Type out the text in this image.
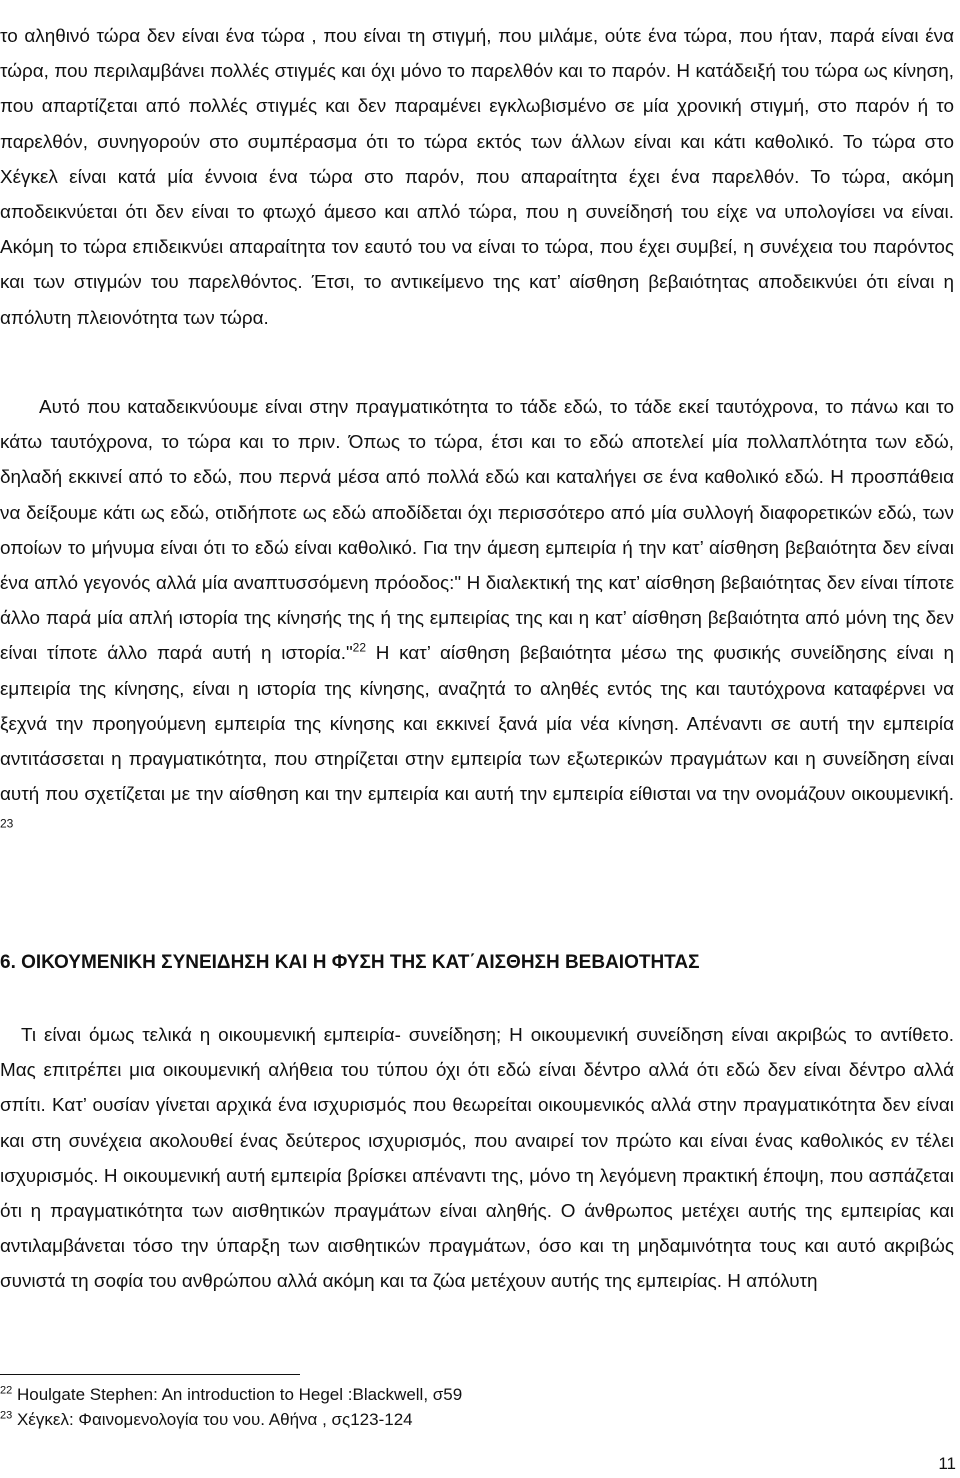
το αληθινό τώρα δεν είναι ένα τώρα , που είναι τη στιγμή, που μιλάμε, ούτε ένα τώρα, που ήταν, παρά είναι ένα τώρα, που περιλαμβάνει πολλές στιγμές και όχι μόνο το παρελθόν και το παρόν. Η κατάδειξή του τώρα ως κίνηση, που απαρτίζεται από πολλές στιγμές και δεν παραμένει εγκλωβισμένο σε μία χρονική στιγμή, στο παρόν ή το παρελθόν, συνηγορούν στο συμπέρασμα ότι το τώρα εκτός των άλλων είναι και κάτι καθολικό. Το τώρα στο Χέγκελ είναι κατά μία έννοια ένα τώρα στο παρόν, που απαραίτητα έχει ένα παρελθόν. Το τώρα, ακόμη αποδεικνύεται ότι δεν είναι το φτωχό άμεσο και απλό τώρα, που η συνείδησή του είχε να υπολογίσει να είναι. Ακόμη το τώρα επιδεικνύει απαραίτητα τον εαυτό του να είναι το τώρα, που έχει συμβεί, η συνέχεια του παρόντος και των στιγμών του παρελθόντος. Έτσι, το αντικείμενο της κατ’ αίσθηση βεβαιότητας αποδεικνύει ότι είναι η απόλυτη πλειονότητα των τώρα.

Αυτό που καταδεικνύουμε είναι στην πραγματικότητα το τάδε εδώ, το τάδε εκεί ταυτόχρονα, το πάνω και το κάτω ταυτόχρονα, το τώρα και το πριν. Όπως το τώρα, έτσι και το εδώ αποτελεί μία πολλαπλότητα των εδώ, δηλαδή εκκινεί από το εδώ, που περνά μέσα από πολλά εδώ και καταλήγει σε ένα καθολικό εδώ. Η προσπάθεια να δείξουμε κάτι ως εδώ, οτιδήποτε ως εδώ αποδίδεται όχι περισσότερο από μία συλλογή διαφορετικών εδώ, των οποίων το μήνυμα είναι ότι το εδώ είναι καθολικό. Για την άμεση εμπειρία ή την κατ’ αίσθηση βεβαιότητα δεν είναι ένα απλό γεγονός αλλά μία αναπτυσσόμενη πρόοδος:" Η διαλεκτική της κατ’ αίσθηση βεβαιότητας δεν είναι τίποτε άλλο παρά μία απλή ιστορία της κίνησής της ή της εμπειρίας της και η κατ’ αίσθηση βεβαιότητα από μόνη της δεν είναι τίποτε άλλο παρά αυτή η ιστορία."$^{22}$ Η κατ’ αίσθηση βεβαιότητα μέσω της φυσικής συνείδησης είναι η εμπειρία της κίνησης, είναι η ιστορία της κίνησης, αναζητά το αληθές εντός της και ταυτόχρονα καταφέρνει να ξεχνά την προηγούμενη εμπειρία της κίνησης και εκκινεί ξανά μία νέα κίνηση. Απέναντι σε αυτή την εμπειρία αντιτάσσεται η πραγματικότητα, που στηρίζεται στην εμπειρία των εξωτερικών πραγμάτων και η συνείδηση είναι αυτή που σχετίζεται με την αίσθηση και την εμπειρία και αυτή την εμπειρία είθισται να την ονομάζουν οικουμενική. $^{23}$

6. ΟΙΚΟΥΜΕΝΙΚΗ ΣΥΝΕΙΔΗΣΗ ΚΑΙ Η ΦΥΣΗ ΤΗΣ ΚΑΤ΄ΑΙΣΘΗΣΗ ΒΕΒΑΙΟΤΗΤΑΣ

Τι είναι όμως τελικά η οικουμενική εμπειρία- συνείδηση; Η οικουμενική συνείδηση είναι ακριβώς το αντίθετο. Μας επιτρέπει μια οικουμενική αλήθεια του τύπου όχι ότι εδώ είναι δέντρο αλλά ότι εδώ δεν είναι δέντρο αλλά σπίτι. Κατ’ ουσίαν γίνεται αρχικά ένα ισχυρισμός που θεωρείται οικουμενικός αλλά στην πραγματικότητα δεν είναι και στη συνέχεια ακολουθεί ένας δεύτερος ισχυρισμός, που αναιρεί τον πρώτο και είναι ένας καθολικός εν τέλει ισχυρισμός. Η οικουμενική αυτή εμπειρία βρίσκει απέναντι της, μόνο τη λεγόμενη πρακτική έποψη, που ασπάζεται ότι η πραγματικότητα των αισθητικών πραγμάτων είναι αληθής. Ο άνθρωπος μετέχει αυτής της εμπειρίας και αντιλαμβάνεται τόσο την ύπαρξη των αισθητικών πραγμάτων, όσο και τη μηδαμινότητα τους και αυτό ακριβώς συνιστά τη σοφία του ανθρώπου αλλά ακόμη και τα ζώα μετέχουν αυτής της εμπειρίας. Η απόλυτη

$^{22}$ Houlgate Stephen: An introduction to Hegel :Blackwell, σ59
$^{23}$ Χέγκελ: Φαινομενολογία του νου. Αθήνα , σς123-124
11
